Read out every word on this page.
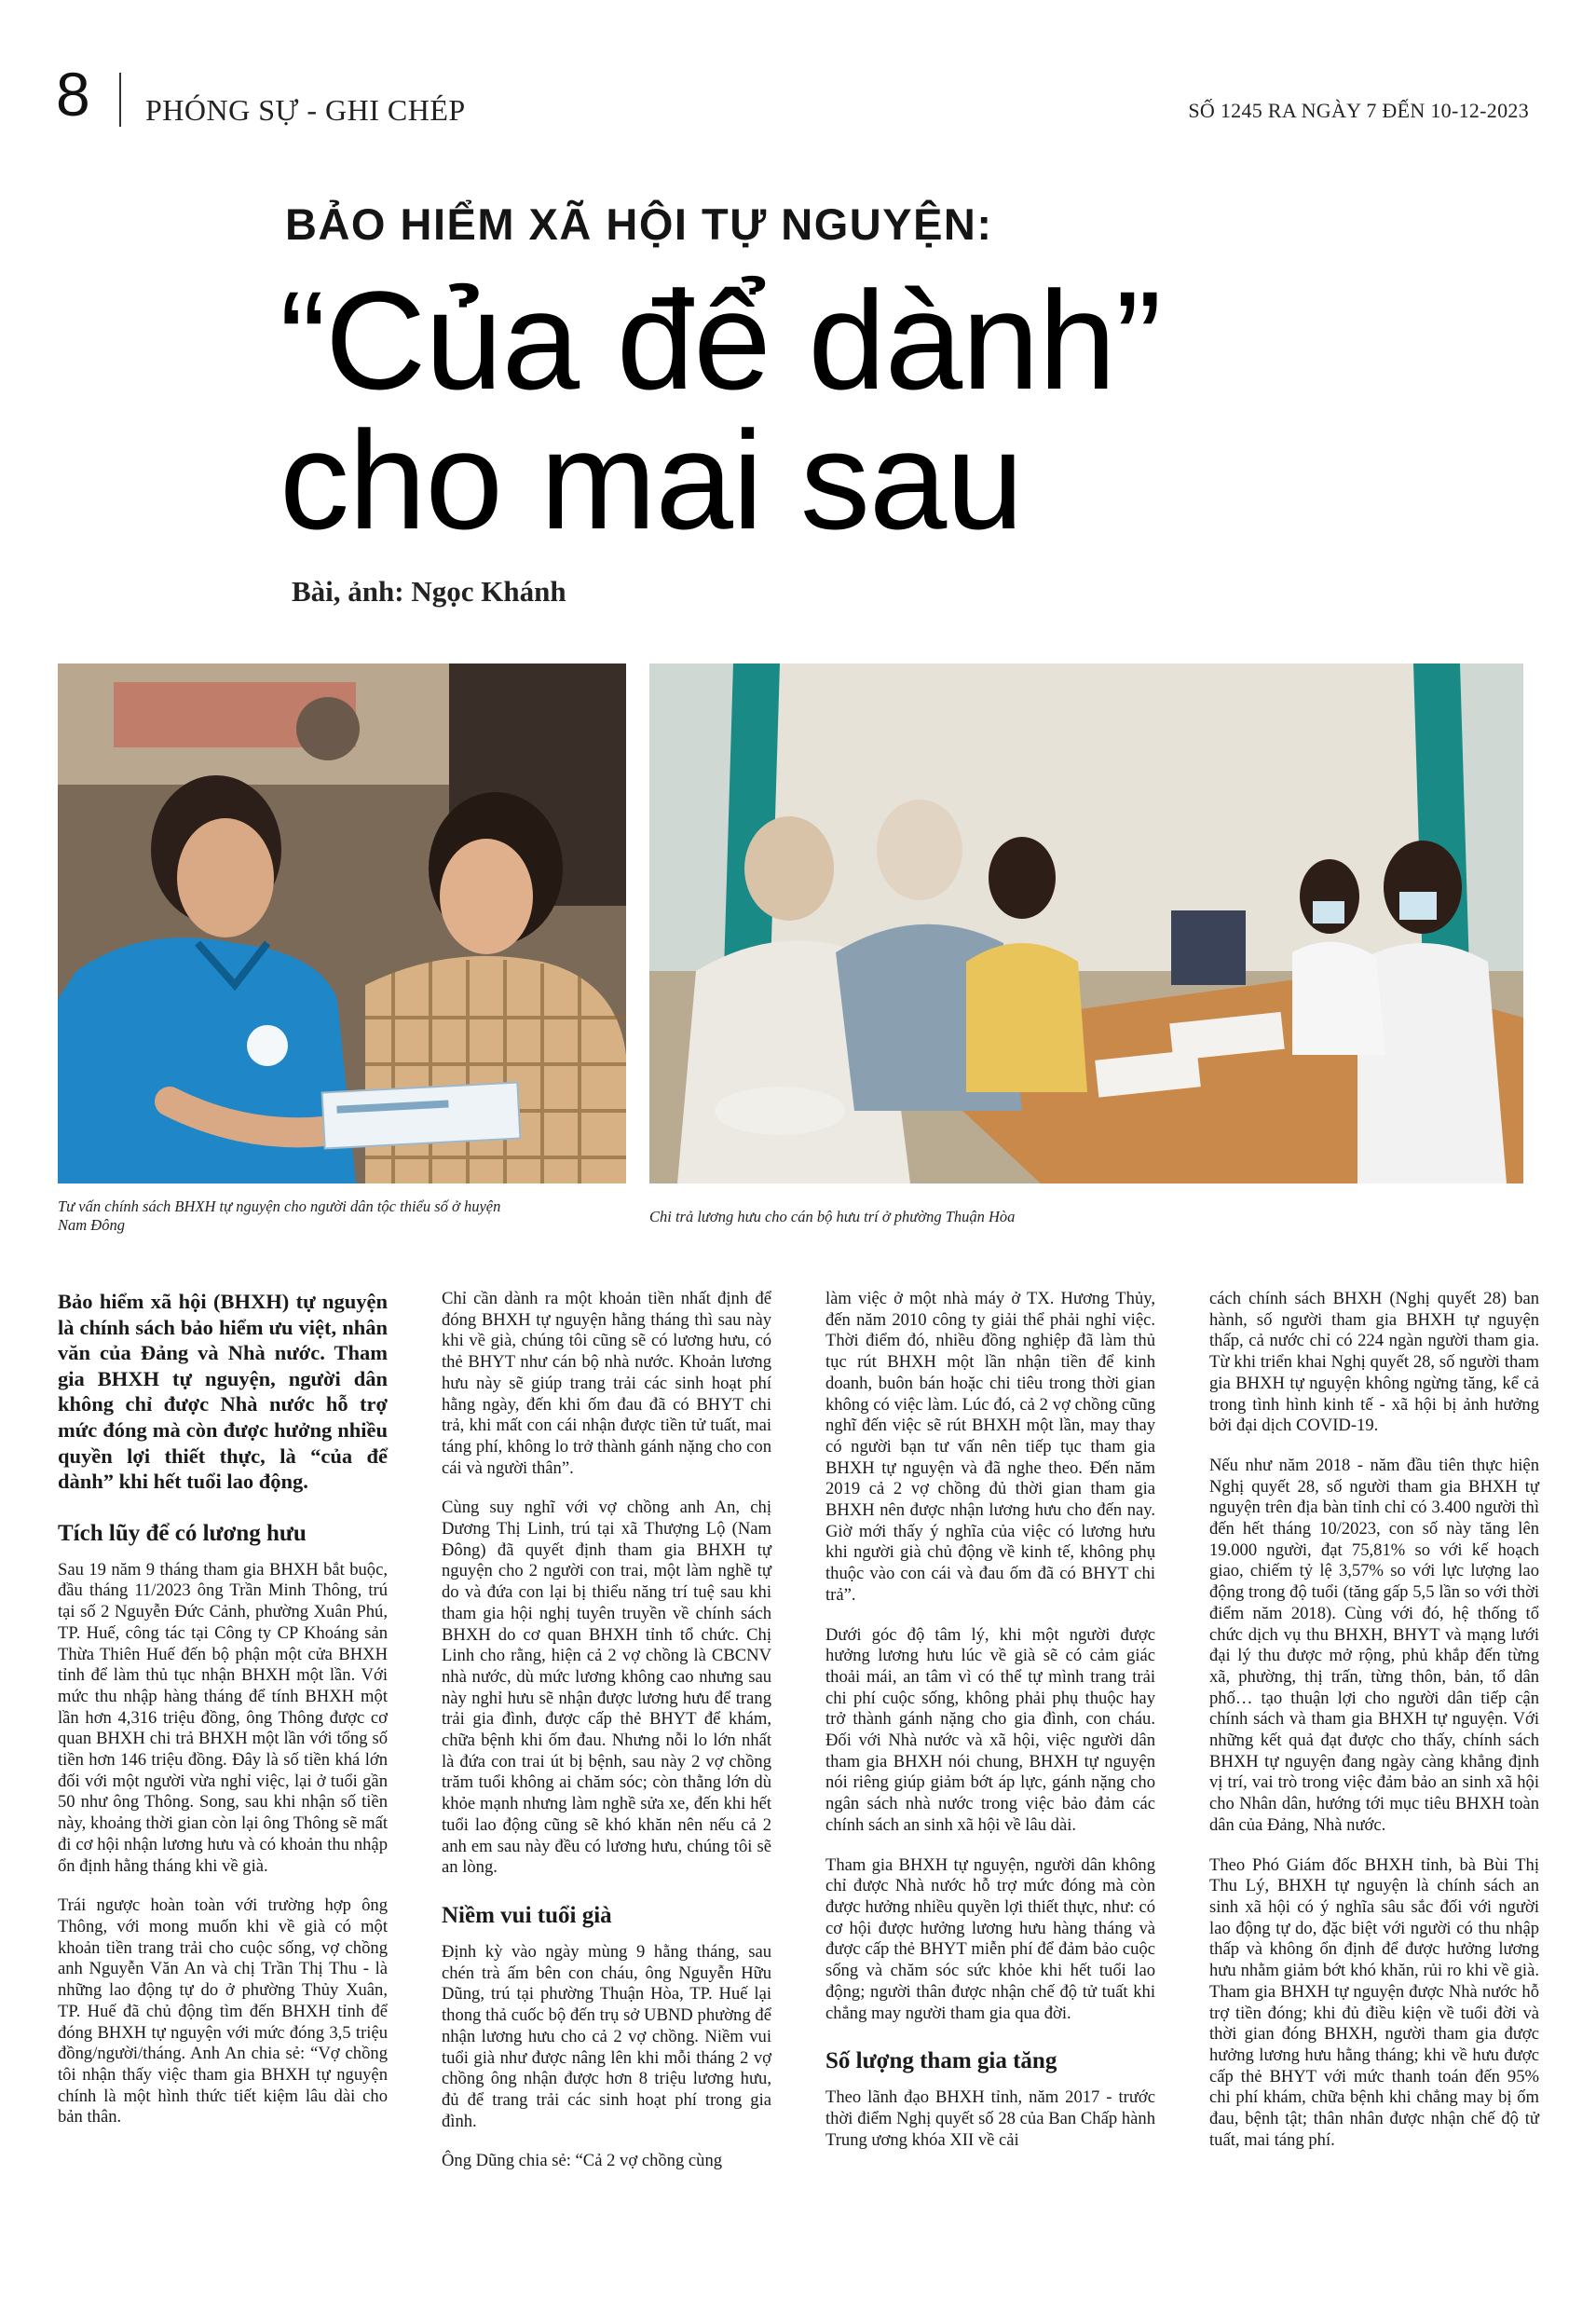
8 PHÓNG SỰ - GHI CHÉP	SỐ 1245 RA NGÀY 7 ĐẾN 10-12-2023
BẢO HIỂM XÃ HỘI TỰ NGUYỆN:
“Của để dành”
cho mai sau
Bài, ảnh: Ngọc Khánh
Tư vấn chính sách BHXH tự nguyện cho người dân tộc thiểu số ở huyện Nam Đông	Chi trả lương hưu cho cán bộ hưu trí ở phường Thuận Hòa

Bảo hiểm xã hội (BHXH) tự nguyện là chính sách bảo hiểm ưu việt, nhân văn của Đảng và Nhà nước. Tham gia BHXH tự nguyện, người dân không chỉ được Nhà nước hỗ trợ mức đóng mà còn được hưởng nhiều quyền lợi thiết thực, là “của để dành” khi hết tuổi lao động.

Tích lũy để có lương hưu

Sau 19 năm 9 tháng tham gia BHXH bắt buộc, đầu tháng 11/2023 ông Trần Minh Thông, trú tại số 2 Nguyễn Đức Cảnh, phường Xuân Phú, TP. Huế, công tác tại Công ty CP Khoáng sản Thừa Thiên Huế đến bộ phận một cửa BHXH tỉnh để làm thủ tục nhận BHXH một lần. Với mức thu nhập hàng tháng để tính BHXH một lần hơn 4,316 triệu đồng, ông Thông được cơ quan BHXH chi trả BHXH một lần với tổng số tiền hơn 146 triệu đồng. Đây là số tiền khá lớn đối với một người vừa nghỉ việc, lại ở tuổi gần 50 như ông Thông. Song, sau khi nhận số tiền này, khoảng thời gian còn lại ông Thông sẽ mất đi cơ hội nhận lương hưu và có khoản thu nhập ổn định hằng tháng khi về già.

Trái ngược hoàn toàn với trường hợp ông Thông, với mong muốn khi về già có một khoản tiền trang trải cho cuộc sống, vợ chồng anh Nguyễn Văn An và chị Trần Thị Thu - là những lao động tự do ở phường Thủy Xuân, TP. Huế đã chủ động tìm đến BHXH tỉnh để đóng BHXH tự nguyện với mức đóng 3,5 triệu đồng/người/tháng. Anh An chia sẻ: “Vợ chồng tôi nhận thấy việc tham gia BHXH tự nguyện chính là một hình thức tiết kiệm lâu dài cho bản thân.

Chỉ cần dành ra một khoản tiền nhất định để đóng BHXH tự nguyện hằng tháng thì sau này khi về già, chúng tôi cũng sẽ có lương hưu, có thẻ BHYT như cán bộ nhà nước. Khoản lương hưu này sẽ giúp trang trải các sinh hoạt phí hằng ngày, đến khi ốm đau đã có BHYT chi trả, khi mất con cái nhận được tiền tử tuất, mai táng phí, không lo trở thành gánh nặng cho con cái và người thân”.

Cùng suy nghĩ với vợ chồng anh An, chị Dương Thị Linh, trú tại xã Thượng Lộ (Nam Đông) đã quyết định tham gia BHXH tự nguyện cho 2 người con trai, một làm nghề tự do và đứa con lại bị thiểu năng trí tuệ sau khi tham gia hội nghị tuyên truyền về chính sách BHXH do cơ quan BHXH tỉnh tổ chức. Chị Linh cho rằng, hiện cả 2 vợ chồng là CBCNV nhà nước, dù mức lương không cao nhưng sau này nghỉ hưu sẽ nhận được lương hưu để trang trải gia đình, được cấp thẻ BHYT để khám, chữa bệnh khi ốm đau. Nhưng nỗi lo lớn nhất là đứa con trai út bị bệnh, sau này 2 vợ chồng trăm tuổi không ai chăm sóc; còn thằng lớn dù khỏe mạnh nhưng làm nghề sửa xe, đến khi hết tuổi lao động cũng sẽ khó khăn nên nếu cả 2 anh em sau này đều có lương hưu, chúng tôi sẽ an lòng.

Niềm vui tuổi già

Định kỳ vào ngày mùng 9 hằng tháng, sau chén trà ấm bên con cháu, ông Nguyễn Hữu Dũng, trú tại phường Thuận Hòa, TP. Huế lại thong thả cuốc bộ đến trụ sở UBND phường để nhận lương hưu cho cả 2 vợ chồng. Niềm vui tuổi già như được nâng lên khi mỗi tháng 2 vợ chồng ông nhận được hơn 8 triệu lương hưu, đủ để trang trải các sinh hoạt phí trong gia đình.

Ông Dũng chia sẻ: “Cả 2 vợ chồng cùng

làm việc ở một nhà máy ở TX. Hương Thủy, đến năm 2010 công ty giải thể phải nghỉ việc. Thời điểm đó, nhiều đồng nghiệp đã làm thủ tục rút BHXH một lần nhận tiền để kinh doanh, buôn bán hoặc chi tiêu trong thời gian không có việc làm. Lúc đó, cả 2 vợ chồng cũng nghĩ đến việc sẽ rút BHXH một lần, may thay có người bạn tư vấn nên tiếp tục tham gia BHXH tự nguyện và đã nghe theo. Đến năm 2019 cả 2 vợ chồng đủ thời gian tham gia BHXH nên được nhận lương hưu cho đến nay. Giờ mới thấy ý nghĩa của việc có lương hưu khi người già chủ động về kinh tế, không phụ thuộc vào con cái và đau ốm đã có BHYT chi trả”.

Dưới góc độ tâm lý, khi một người được hưởng lương hưu lúc về già sẽ có cảm giác thoải mái, an tâm vì có thể tự mình trang trải chi phí cuộc sống, không phải phụ thuộc hay trở thành gánh nặng cho gia đình, con cháu. Đối với Nhà nước và xã hội, việc người dân tham gia BHXH nói chung, BHXH tự nguyện nói riêng giúp giảm bớt áp lực, gánh nặng cho ngân sách nhà nước trong việc bảo đảm các chính sách an sinh xã hội về lâu dài.

Tham gia BHXH tự nguyện, người dân không chỉ được Nhà nước hỗ trợ mức đóng mà còn được hưởng nhiều quyền lợi thiết thực, như: có cơ hội được hưởng lương hưu hàng tháng và được cấp thẻ BHYT miễn phí để đảm bảo cuộc sống và chăm sóc sức khỏe khi hết tuổi lao động; người thân được nhận chế độ tử tuất khi chẳng may người tham gia qua đời.

Số lượng tham gia tăng

Theo lãnh đạo BHXH tỉnh, năm 2017 - trước thời điểm Nghị quyết số 28 của Ban Chấp hành Trung ương khóa XII về cải

cách chính sách BHXH (Nghị quyết 28) ban hành, số người tham gia BHXH tự nguyện thấp, cả nước chỉ có 224 ngàn người tham gia. Từ khi triển khai Nghị quyết 28, số người tham gia BHXH tự nguyện không ngừng tăng, kể cả trong tình hình kinh tế - xã hội bị ảnh hưởng bởi đại dịch COVID-19.

Nếu như năm 2018 - năm đầu tiên thực hiện Nghị quyết 28, số người tham gia BHXH tự nguyện trên địa bàn tỉnh chỉ có 3.400 người thì đến hết tháng 10/2023, con số này tăng lên 19.000 người, đạt 75,81% so với kế hoạch giao, chiếm tỷ lệ 3,57% so với lực lượng lao động trong độ tuổi (tăng gấp 5,5 lần so với thời điểm năm 2018). Cùng với đó, hệ thống tổ chức dịch vụ thu BHXH, BHYT và mạng lưới đại lý thu được mở rộng, phủ khắp đến từng xã, phường, thị trấn, từng thôn, bản, tổ dân phố… tạo thuận lợi cho người dân tiếp cận chính sách và tham gia BHXH tự nguyện. Với những kết quả đạt được cho thấy, chính sách BHXH tự nguyện đang ngày càng khẳng định vị trí, vai trò trong việc đảm bảo an sinh xã hội cho Nhân dân, hướng tới mục tiêu BHXH toàn dân của Đảng, Nhà nước.

Theo Phó Giám đốc BHXH tỉnh, bà Bùi Thị Thu Lý, BHXH tự nguyện là chính sách an sinh xã hội có ý nghĩa sâu sắc đối với người lao động tự do, đặc biệt với người có thu nhập thấp và không ổn định để được hưởng lương hưu nhằm giảm bớt khó khăn, rủi ro khi về già. Tham gia BHXH tự nguyện được Nhà nước hỗ trợ tiền đóng; khi đủ điều kiện về tuổi đời và thời gian đóng BHXH, người tham gia được hưởng lương hưu hằng tháng; khi về hưu được cấp thẻ BHYT với mức thanh toán đến 95% chi phí khám, chữa bệnh khi chẳng may bị ốm đau, bệnh tật; thân nhân được nhận chế độ tử tuất, mai táng phí.
